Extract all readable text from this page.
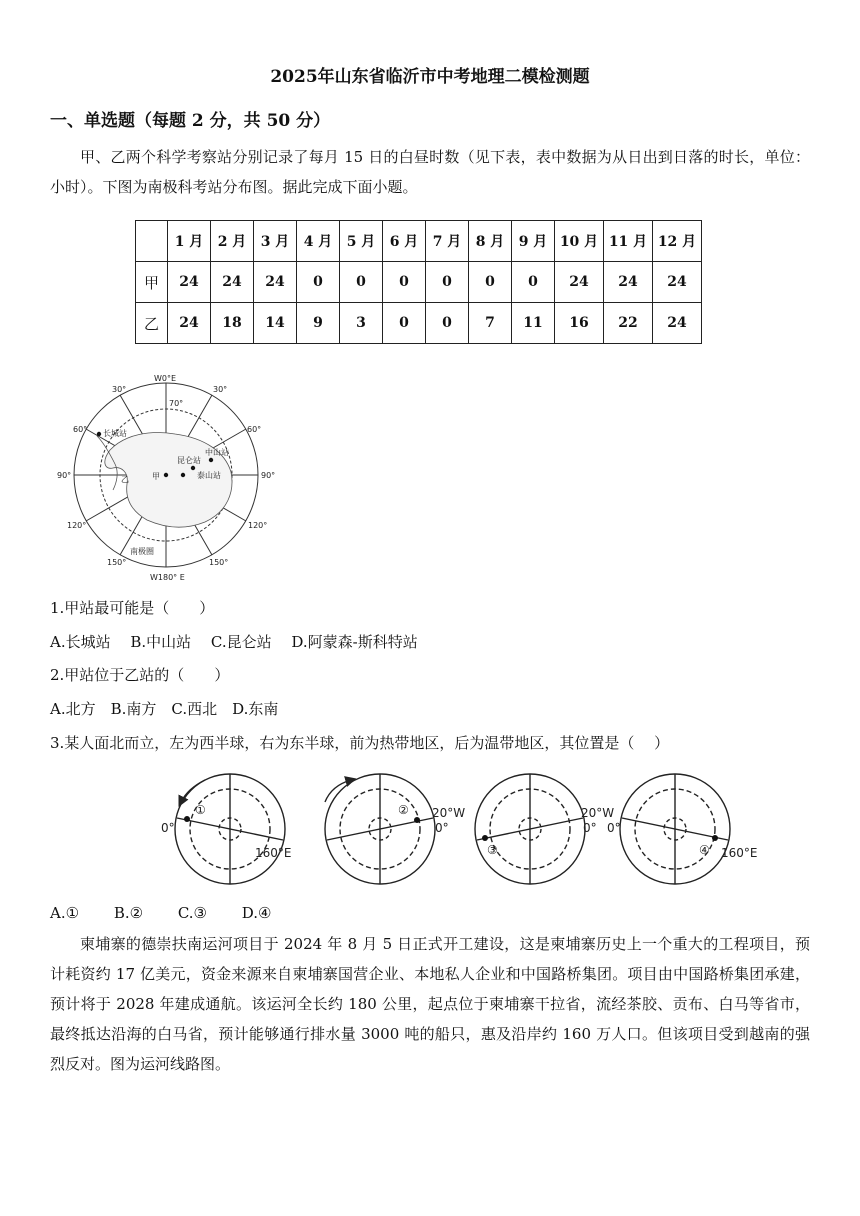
2025年山东省临沂市中考地理二模检测题
一、单选题（每题 2 分，共 50 分）

甲、乙两个科学考察站分别记录了每月 15 日的白昼时数（见下表，表中数据为从日出到日落的时长，单位：小时）。下图为南极科考站分布图。据此完成下面小题。

	1 月	2 月	3 月	4 月	5 月	6 月	7 月	8 月	9 月	10 月	11 月	12 月
甲	24	24	24	0	0	0	0	0	0	24	24	24
乙	24	18	14	9	3	0	0	7	11	16	22	24
W0°E
W180° E
30°	30°
60°	60°
90°	90°
120°	120°
150°	150°
70°
长城站
中山站
昆仑站
泰山站
甲
乙
南极圈
1.甲站最可能是（　　）
A.长城站　 B.中山站　 C.昆仑站　 D.阿蒙森-斯科特站
2.甲站位于乙站的（　　）
A.北方　B.南方　C.西北　D.东南
3.某人面北而立，左为西半球，右为东半球，前为热带地区，后为温带地区，其位置是（　 ）
①
0°
160°E
② 20°W
0°
③
20°W
0°
④
0°
160°E
A.①　　 B.②　　 C.③　　 D.④

柬埔寨的德崇扶南运河项目于 2024 年 8 月 5 日正式开工建设，这是柬埔寨历史上一个重大的工程项目，预计耗资约 17 亿美元，资金来源来自柬埔寨国营企业、本地私人企业和中国路桥集团。项目由中国路桥集团承建，预计将于 2028 年建成通航。该运河全长约 180 公里，起点位于柬埔寨干拉省，流经茶胶、贡布、白马等省市，最终抵达沿海的白马省，预计能够通行排水量 3000 吨的船只，惠及沿岸约 160 万人口。但该项目受到越南的强烈反对。图为运河线路图。
